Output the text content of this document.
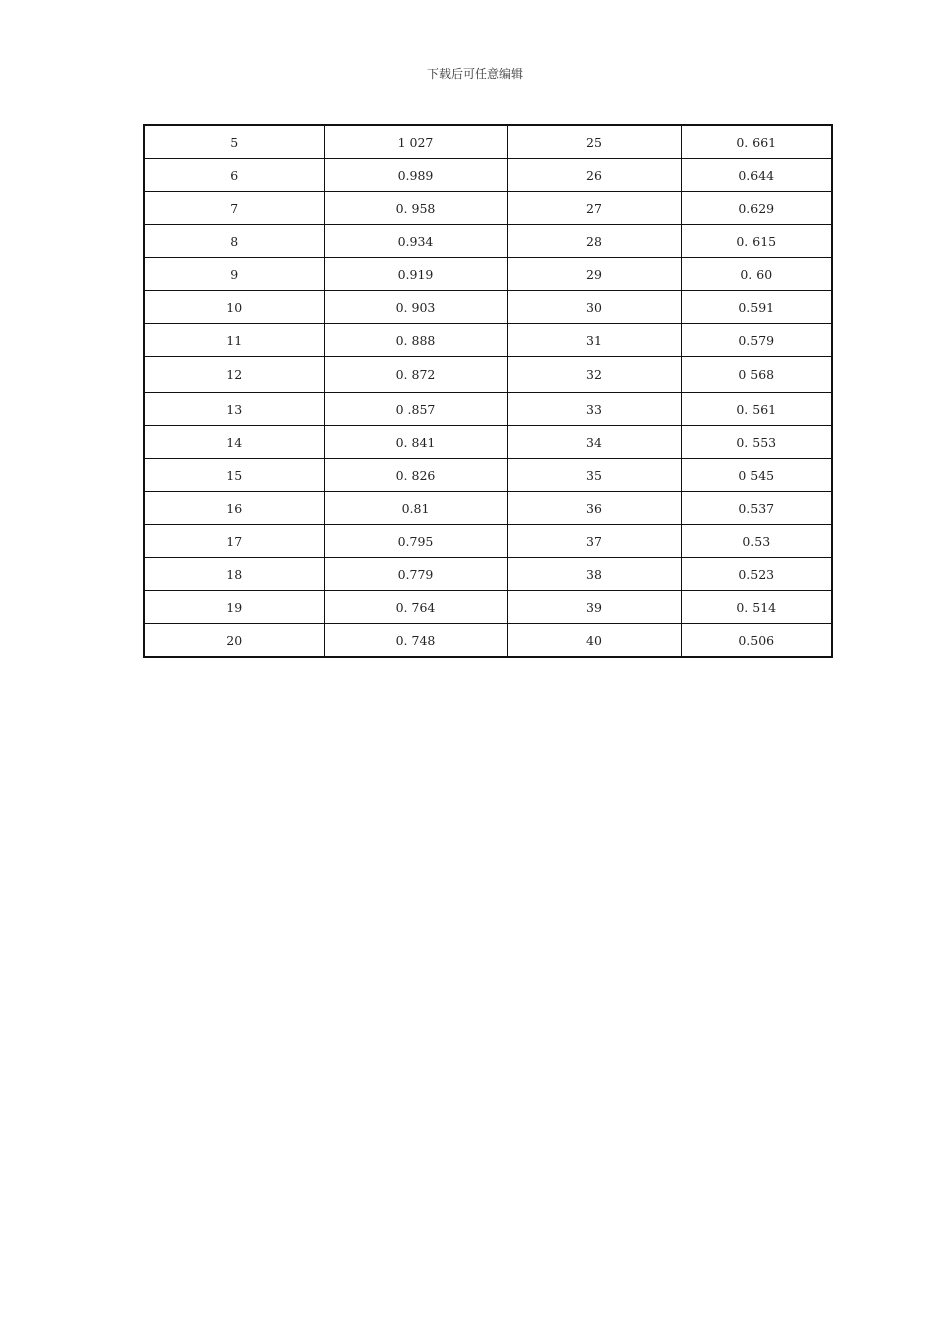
下载后可任意编辑
5	1 027	25	0. 661
6	0.989	26	0.644
7	0. 958	27	0.629
8	0.934	28	0. 615
9	0.919	29	0. 60
10	0. 903	30	0.591
11	0. 888	31	0.579
12	0. 872	32	0 568
13	0 .857	33	0. 561
14	0. 841	34	0. 553
15	0. 826	35	0 545
16	0.81	36	0.537
17	0.795	37	0.53
18	0.779	38	0.523
19	0. 764	39	0. 514
20	0. 748	40	0.506
